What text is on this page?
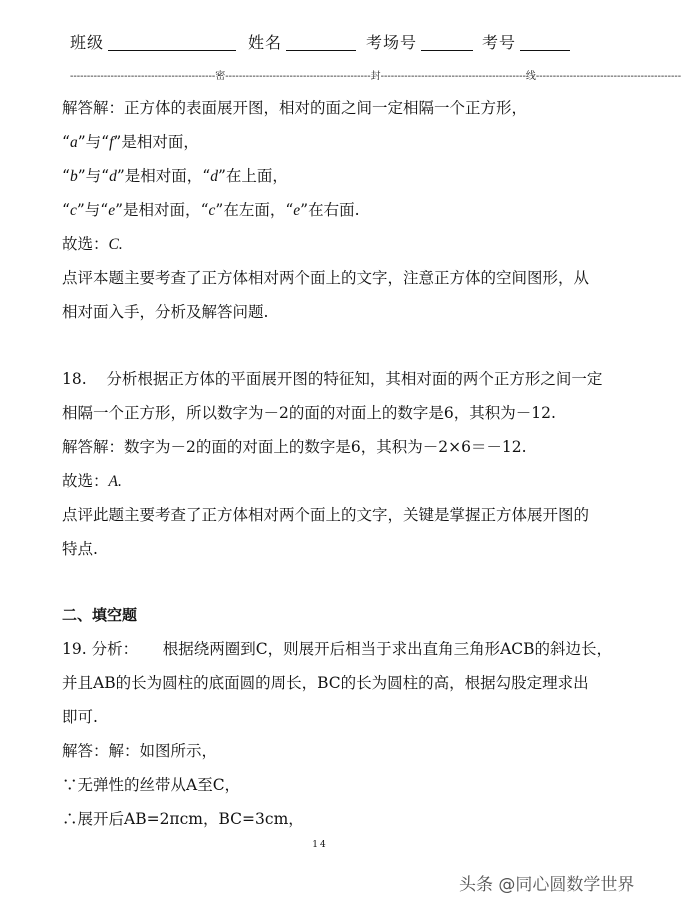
班级	姓名	考场号	考号
-------------------------------------------密-------------------------------------------封-------------------------------------------线-------------------------------------------
解答解：正方体的表面展开图，相对的面之间一定相隔一个正方形，
“a”与“f”是相对面，
“b”与“d”是相对面，“d”在上面，
“c”与“e”是相对面，“c”在左面，“e”在右面.
故选：C.
点评本题主要考查了正方体相对两个面上的文字，注意正方体的空间图形，从
相对面入手，分析及解答问题.
18. 分析根据正方体的平面展开图的特征知，其相对面的两个正方形之间一定
相隔一个正方形，所以数字为－2的面的对面上的数字是6，其积为－12.
解答解：数字为－2的面的对面上的数字是6，其积为－2×6＝－12.
故选：A.
点评此题主要考查了正方体相对两个面上的文字，关键是掌握正方体展开图的
特点.
二、填空题
19. 分析： 根据绕两圈到C，则展开后相当于求出直角三角形ACB的斜边长，
并且AB的长为圆柱的底面圆的周长，BC的长为圆柱的高，根据勾股定理求出
即可.
解答：解：如图所示，
∵无弹性的丝带从A至C，
∴展开后AB=2πcm，BC=3cm，
14
头条 @同心圆数学世界
